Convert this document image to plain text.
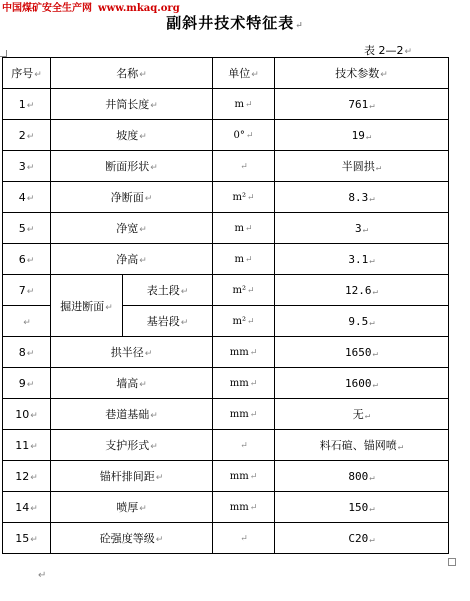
中国煤矿安全生产网 www.mkaq.org
副斜井技术特征表↵
表 2—2↵
序号↵	名称↵		单位↵	技术参数↵
1↵	井筒长度↵		m↵	761↵
2↵	坡度↵		0°↵	19↵
3↵	断面形状↵		↵	半圆拱↵
4↵	净断面↵		m²↵	8.3↵
5↵	净宽↵		m↵	3↵
6↵	净高↵		m↵	3.1↵
7↵	掘进断面↵	表土段↵	m²↵	12.6↵
↵		基岩段↵	m²↵	9.5↵
8↵	拱半径↵		mm↵	1650↵
9↵	墙高↵		mm↵	1600↵
10↵	巷道基础↵		mm↵	无↵
11↵	支护形式↵		↵	料石碹、锚网喷↵
12↵	锚杆排间距↵		mm↵	800↵
14↵	喷厚↵		mm↵	150↵
15↵	砼强度等级↵		↵	C20↵
↵
